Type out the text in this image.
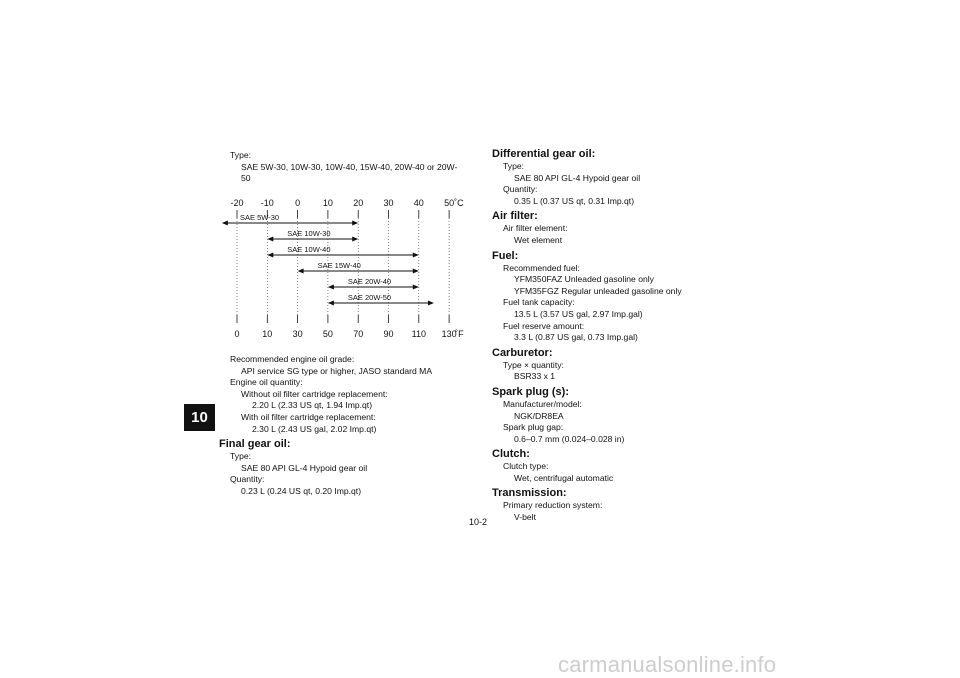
10
Type:
SAE 5W-30, 10W-30, 10W-40, 15W-40, 20W-40 or 20W-
50
-20 -10 0	10 20 30 40 50 ˚C
0	10 30 50 70 90 110 130
˚F
SAE 5W-30
SAE 10W-30
SAE 10W-40
SAE 15W-40
SAE 20W-40
SAE 20W-50
Recommended engine oil grade:
API service SG type or higher, JASO standard MA
Engine oil quantity:
Without oil filter cartridge replacement:
2.20 L (2.33 US qt, 1.94 Imp.qt)
With oil filter cartridge replacement:
2.30 L (2.43 US gal, 2.02 Imp.qt)
Final gear oil:
Type:
SAE 80 API GL-4 Hypoid gear oil
Quantity:
0.23 L (0.24 US qt, 0.20 Imp.qt)
Differential gear oil:
Type:
SAE 80 API GL-4 Hypoid gear oil
Quantity:
0.35 L (0.37 US qt, 0.31 Imp.qt)
Air filter:
Air filter element:
Wet element
Fuel:
Recommended fuel:
YFM350FAZ Unleaded gasoline only
YFM35FGZ Regular unleaded gasoline only
Fuel tank capacity:
13.5 L (3.57 US gal, 2.97 Imp.gal)
Fuel reserve amount:
3.3 L (0.87 US gal, 0.73 Imp.gal)
Carburetor:
Type × quantity:
BSR33 x 1
Spark plug (s):
Manufacturer/model:
NGK/DR8EA
Spark plug gap:
0.6–0.7 mm (0.024–0.028 in)
Clutch:
Clutch type:
Wet, centrifugal automatic
Transmission:
Primary reduction system:
V-belt
10-2
carmanualsonline.info
